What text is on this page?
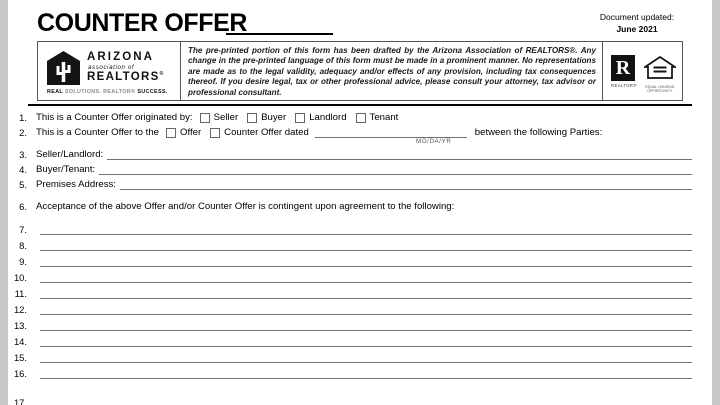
COUNTER OFFER	Document updated:
June 2021
ARIZONA
association of
REALTORS®
REAL SOLUTIONS. REALTOR® SUCCESS.
The pre-printed portion of this form has been drafted by the Arizona Association of REALTORS®. Any change in the pre-printed language of this form must be made in a prominent manner. No representations are made as to the legal validity, adequacy and/or effects of any provision, including tax consequences thereof. If you desire legal, tax or other professional advice, please consult your attorney, tax advisor or professional consultant.
R
REALTOR®	EQUAL HOUSING OPPORTUNITY
1. This is a Counter Offer originated by: Seller Buyer Landlord Tenant
2. This is a Counter Offer to the Offer Counter Offer dated	between the following Parties:
MO/DA/YR
3. Seller/Landlord:
4. Buyer/Tenant:
5. Premises Address:
6. Acceptance of the above Offer and/or Counter Offer is contingent upon agreement to the following:
7.
8.
9.
10.
11.
12.
13.
14.
15.
16.
17.
